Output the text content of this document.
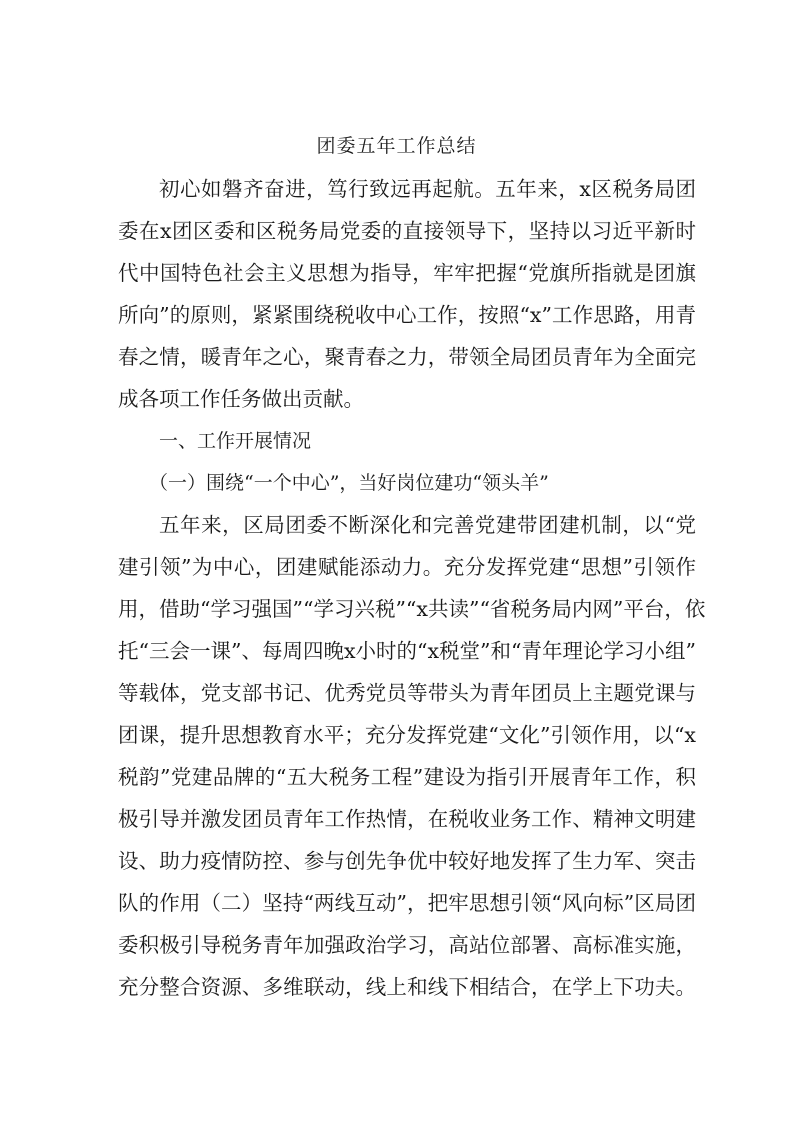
团委五年工作总结
初心如磐齐奋进，笃行致远再起航。五年来，x区税务局团
委在x团区委和区税务局党委的直接领导下，坚持以习近平新时
代中国特色社会主义思想为指导，牢牢把握“党旗所指就是团旗
所向”的原则，紧紧围绕税收中心工作，按照“x”工作思路，用青
春之情，暖青年之心，聚青春之力，带领全局团员青年为全面完
成各项工作任务做出贡献。
一、工作开展情况
（一）围绕“一个中心”，当好岗位建功“领头羊”
五年来，区局团委不断深化和完善党建带团建机制，以“党
建引领”为中心，团建赋能添动力。充分发挥党建“思想”引领作
用，借助“学习强国”“学习兴税”“x共读”“省税务局内网”平台，依
托“三会一课”、每周四晚x小时的“x税堂”和“青年理论学习小组”
等载体，党支部书记、优秀党员等带头为青年团员上主题党课与
团课，提升思想教育水平；充分发挥党建“文化”引领作用，以“x
税韵”党建品牌的“五大税务工程”建设为指引开展青年工作，积
极引导并激发团员青年工作热情，在税收业务工作、精神文明建
设、助力疫情防控、参与创先争优中较好地发挥了生力军、突击
队的作用（二）坚持“两线互动”，把牢思想引领“风向标”区局团
委积极引导税务青年加强政治学习，高站位部署、高标准实施，
充分整合资源、多维联动，线上和线下相结合，在学上下功夫。
